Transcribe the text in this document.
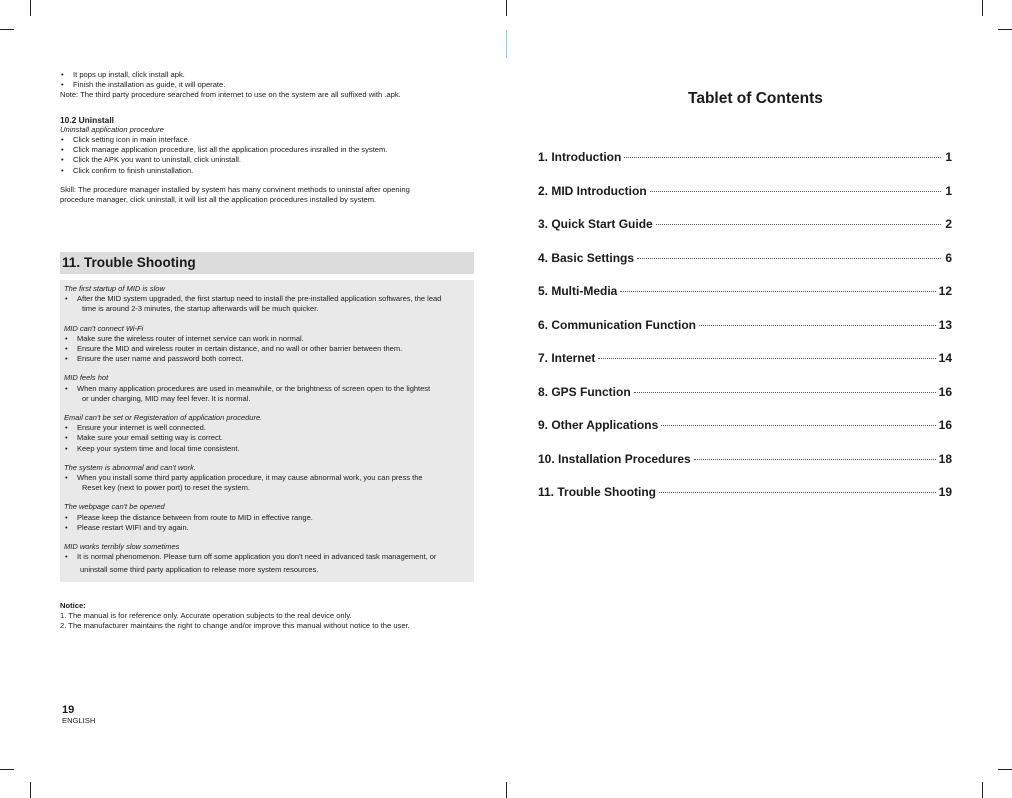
• It pops up install, click install apk.
• Finish the installation as guide, it will operate.
Note: The third party procedure searched from internet to use on the system are all suffixed with .apk.
10.2 Uninstall
Uninstall application procedure
• Click setting icon in main interface.
• Click manage application procedure, list all the application procedures insralled in the system.
• Click the APK you want to uninstall, click uninstall.
• Click confirm to finish uninstallation.
Skill: The procedure manager installed by system has many convinent methods to uninstal after opening
procedure manager, click uninstall, it will list all the application procedures installed by system.
11. Trouble Shooting
The first startup of MID is slow
• After the MID system upgraded, the first startup need to install the pre-installed application softwares, the lead
time is around 2-3 minutes, the startup afterwards will be much quicker.
MID can't connect Wi-Fi
• Make sure the wireless router of internet service can work in normal.
• Ensure the MID and wireless router in certain distance, and no wall or other barrier between them.
• Ensure the user name and password both correct.
MID feels hot
• When many application procedures are used in meanwhile, or the brightness of screen open to the lightest
or under charging, MID may feel fever. It is normal.
Email can't be set or Registeration of application procedure.
• Ensure your internet is well connected.
• Make sure your email setting way is correct.
• Keep your system time and local time consistent.
The system is abnormal and can't work.
• When you install some third party application procedure, it may cause abnormal work, you can press the
Reset key (next to power port) to reset the system.
The webpage can't be opened
• Please keep the distance between from route to MID in effective range.
• Please restart WIFI and try again.
MID works terribly slow sometimes
• It is normal phenomenon. Please turn off some application you don't need in advanced task management, or
uninstall some third party application to release more system resources.
Notice:
1. The manual is for reference only. Accurate operation subjects to the real device only.
2. The manufacturer maintains the right to change and/or improve this manual without notice to the user.
19
ENGLISH
Tablet of Contents
1. Introduction	1
2. MID Introduction	1
3. Quick Start Guide	2
4. Basic Settings	6
5. Multi-Media	12
6. Communication Function	13
7. Internet	14
8. GPS Function	16
9. Other Applications	16
10. Installation Procedures	18
11. Trouble Shooting	19
